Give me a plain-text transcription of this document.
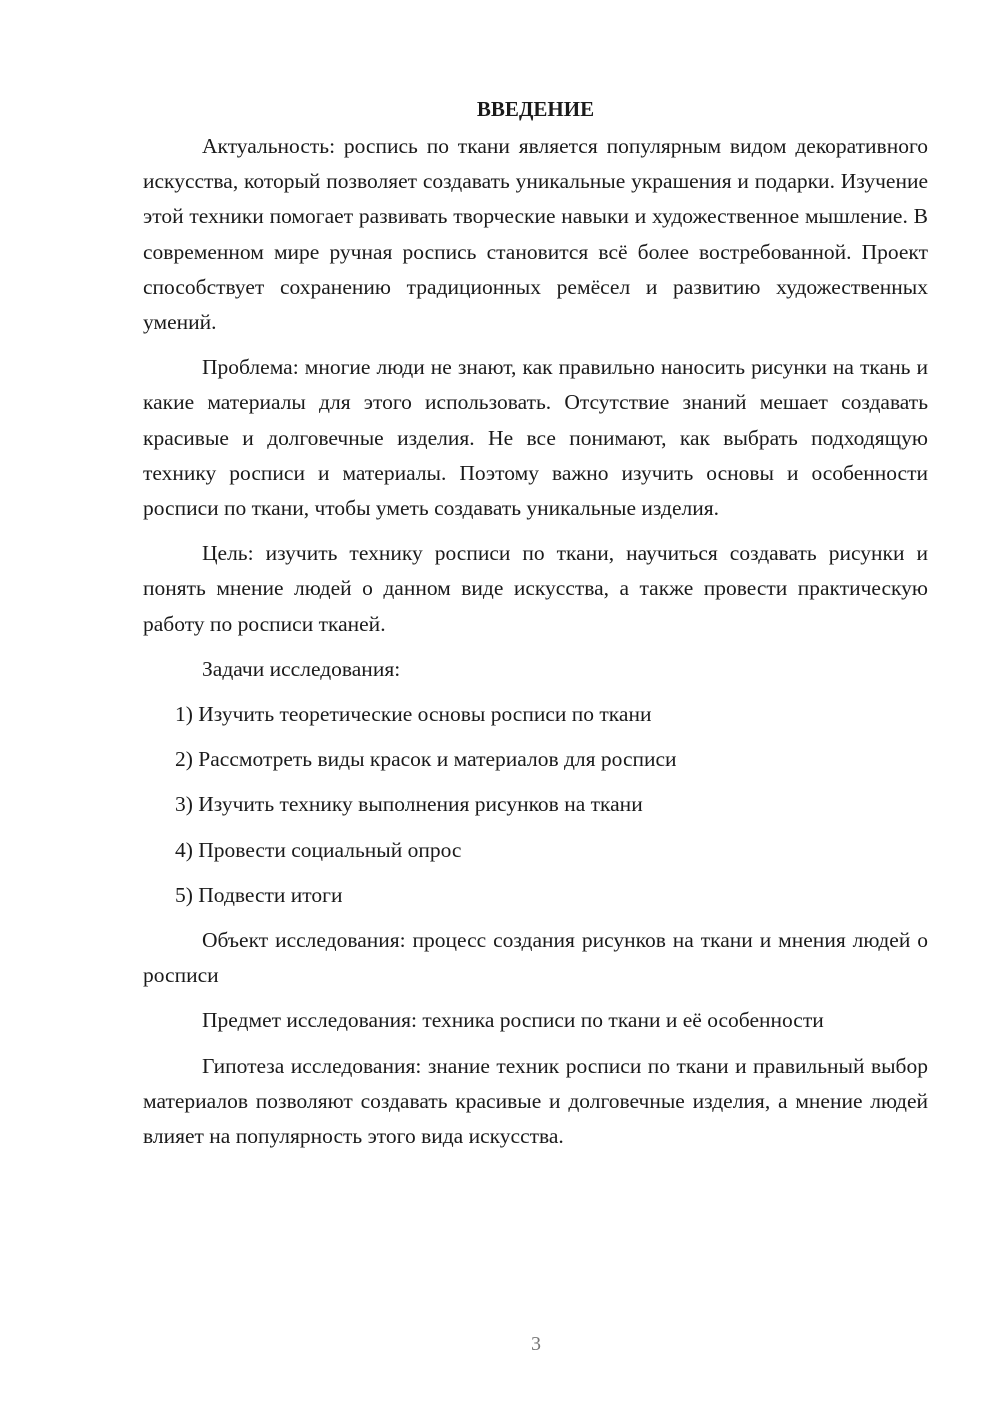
ВВЕДЕНИЕ

Актуальность: роспись по ткани является популярным видом декоративного искусства, который позволяет создавать уникальные украшения и подарки. Изучение этой техники помогает развивать творческие навыки и художественное мышление. В современном мире ручная роспись становится всё более востребованной. Проект способствует сохранению традиционных ремёсел и развитию художественных умений.

Проблема: многие люди не знают, как правильно наносить рисунки на ткань и какие материалы для этого использовать. Отсутствие знаний мешает создавать красивые и долговечные изделия. Не все понимают, как выбрать подходящую технику росписи и материалы. Поэтому важно изучить основы и особенности росписи по ткани, чтобы уметь создавать уникальные изделия.

Цель: изучить технику росписи по ткани, научиться создавать рисунки и понять мнение людей о данном виде искусства, а также провести практическую работу по росписи тканей.

Задачи исследования:
1) Изучить теоретические основы росписи по ткани
2) Рассмотреть виды красок и материалов для росписи
3) Изучить технику выполнения рисунков на ткани
4) Провести социальный опрос
5) Подвести итоги

Объект исследования: процесс создания рисунков на ткани и мнения людей о росписи

Предмет исследования: техника росписи по ткани и её особенности

Гипотеза исследования: знание техник росписи по ткани и правильный выбор материалов позволяют создавать красивые и долговечные изделия, а мнение людей влияет на популярность этого вида искусства.

3
